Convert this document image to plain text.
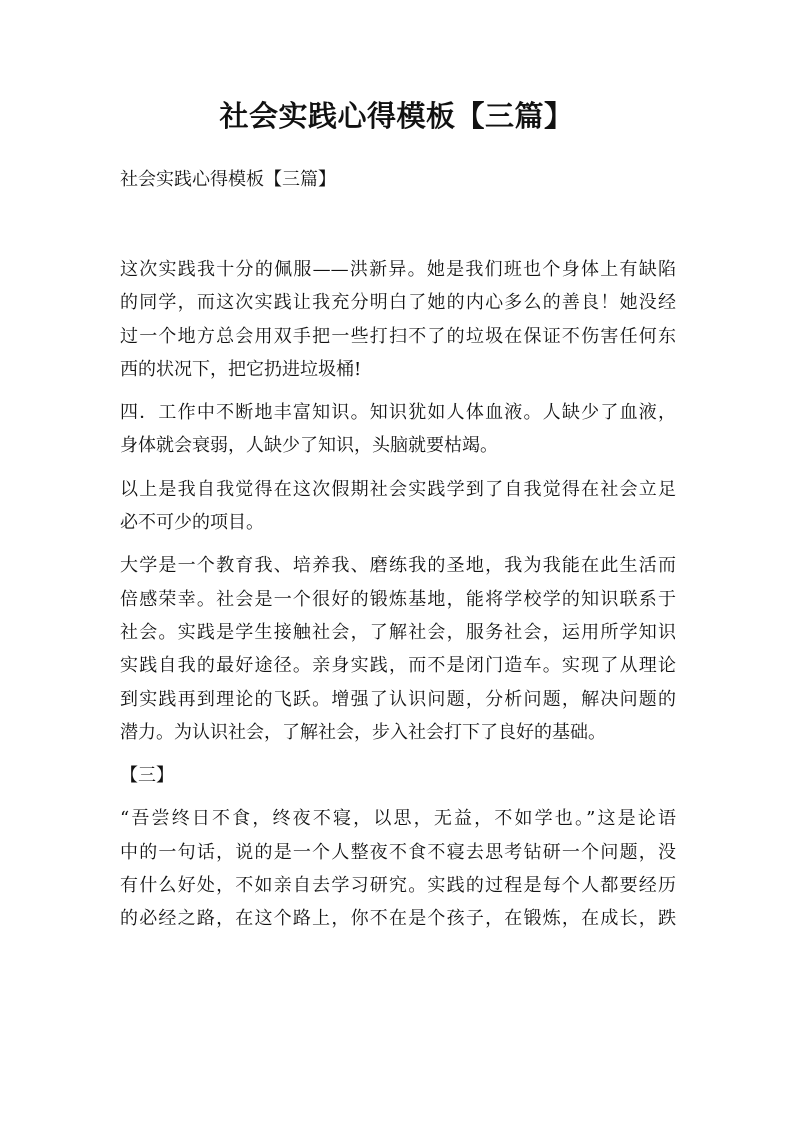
社会实践心得模板【三篇】

社会实践心得模板【三篇】

这次实践我十分的佩服——洪新异。她是我们班也个身体上有缺陷
的同学，而这次实践让我充分明白了她的内心多么的善良！她没经
过一个地方总会用双手把一些打扫不了的垃圾在保证不伤害任何东
西的状况下，把它扔进垃圾桶!

四．工作中不断地丰富知识。知识犹如人体血液。人缺少了血液，
身体就会衰弱，人缺少了知识，头脑就要枯竭。

以上是我自我觉得在这次假期社会实践学到了自我觉得在社会立足
必不可少的项目。

大学是一个教育我、培养我、磨练我的圣地，我为我能在此生活而
倍感荣幸。社会是一个很好的锻炼基地，能将学校学的知识联系于
社会。实践是学生接触社会，了解社会，服务社会，运用所学知识
实践自我的最好途径。亲身实践，而不是闭门造车。实现了从理论
到实践再到理论的飞跃。增强了认识问题，分析问题，解决问题的
潜力。为认识社会，了解社会，步入社会打下了良好的基础。

【三】

“吾尝终日不食，终夜不寝，以思，无益，不如学也。”这是论语
中的一句话，说的是一个人整夜不食不寝去思考钻研一个问题，没
有什么好处，不如亲自去学习研究。实践的过程是每个人都要经历
的必经之路，在这个路上，你不在是个孩子，在锻炼，在成长，跌
